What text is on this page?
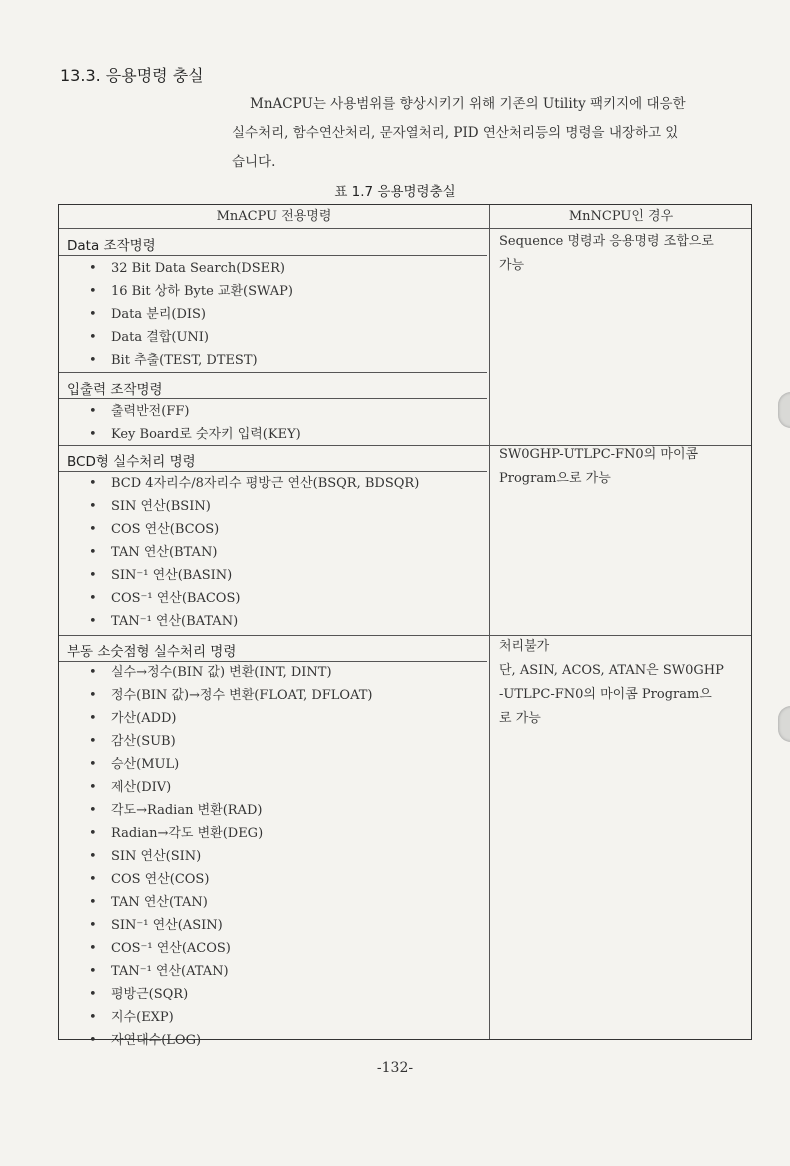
13.3. 응용명령 충실
MnACPU는 사용범위를 향상시키기 위해 기존의 Utility 팩키지에 대응한
실수처리, 함수연산처리, 문자열처리, PID 연산처리등의 명령을 내장하고 있
습니다.
표 1.7 응용명령충실
MnACPU 전용명령	MnNCPU인 경우
Data 조작명령
• 32 Bit Data Search(DSER)
• 16 Bit 상하 Byte 교환(SWAP)
• Data 분리(DIS)
• Data 결합(UNI)
• Bit 추출(TEST, DTEST)
입출력 조작명령
• 출력반전(FF)
• Key Board로 숫자키 입력(KEY)
BCD형 실수처리 명령
• BCD 4자리수/8자리수 평방근 연산(BSQR, BDSQR)
• SIN 연산(BSIN)
• COS 연산(BCOS)
• TAN 연산(BTAN)
• SIN⁻¹ 연산(BASIN)
• COS⁻¹ 연산(BACOS)
• TAN⁻¹ 연산(BATAN)
부동 소숫점형 실수처리 명령
• 실수→정수(BIN 값) 변환(INT, DINT)
• 정수(BIN 값)→정수 변환(FLOAT, DFLOAT)
• 가산(ADD)
• 감산(SUB)
• 승산(MUL)
• 제산(DIV)
• 각도→Radian 변환(RAD)
• Radian→각도 변환(DEG)
• SIN 연산(SIN)
• COS 연산(COS)
• TAN 연산(TAN)
• SIN⁻¹ 연산(ASIN)
• COS⁻¹ 연산(ACOS)
• TAN⁻¹ 연산(ATAN)
• 평방근(SQR)
• 지수(EXP)
• 자연대수(LOG)
Sequence 명령과 응용명령 조합으로
가능
SW0GHP-UTLPC-FN0의 마이콤
Program으로 가능
처리불가
단, ASIN, ACOS, ATAN은 SW0GHP
-UTLPC-FN0의 마이콤 Program으
로 가능
-132-
